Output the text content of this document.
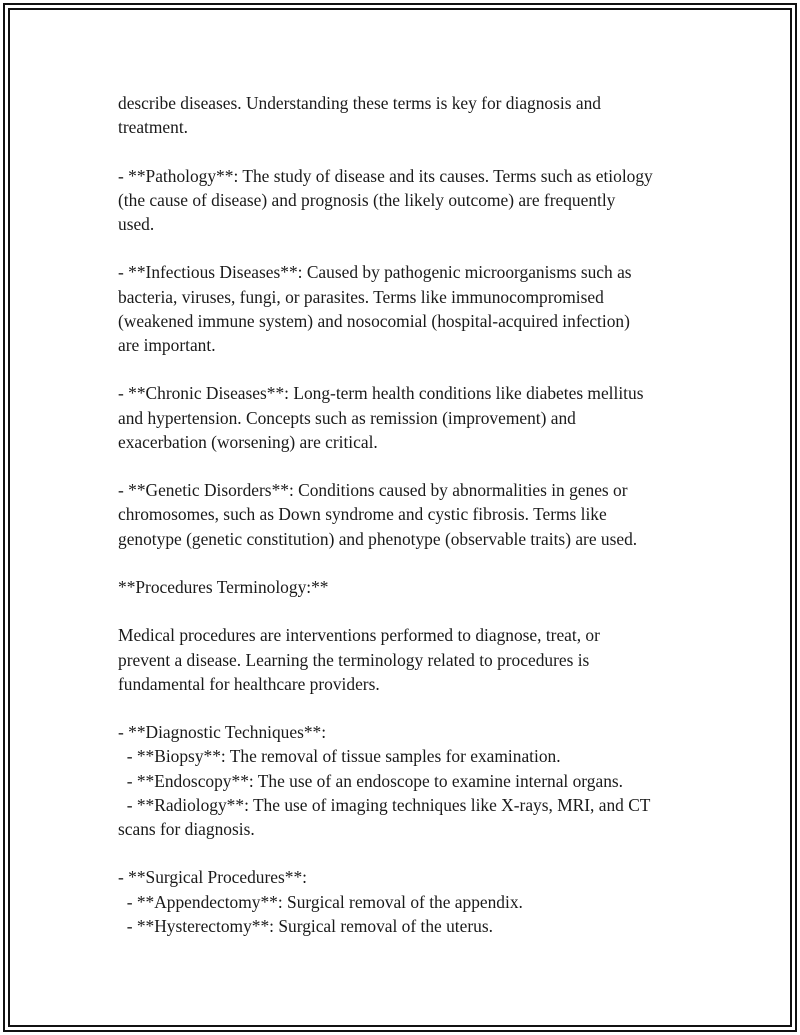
describe diseases. Understanding these terms is key for diagnosis and
treatment.

- **Pathology**: The study of disease and its causes. Terms such as etiology
(the cause of disease) and prognosis (the likely outcome) are frequently
used.

- **Infectious Diseases**: Caused by pathogenic microorganisms such as
bacteria, viruses, fungi, or parasites. Terms like immunocompromised
(weakened immune system) and nosocomial (hospital-acquired infection)
are important.

- **Chronic Diseases**: Long-term health conditions like diabetes mellitus
and hypertension. Concepts such as remission (improvement) and
exacerbation (worsening) are critical.

- **Genetic Disorders**: Conditions caused by abnormalities in genes or
chromosomes, such as Down syndrome and cystic fibrosis. Terms like
genotype (genetic constitution) and phenotype (observable traits) are used.

**Procedures Terminology:**

Medical procedures are interventions performed to diagnose, treat, or
prevent a disease. Learning the terminology related to procedures is
fundamental for healthcare providers.

- **Diagnostic Techniques**:
- **Biopsy**: The removal of tissue samples for examination.
- **Endoscopy**: The use of an endoscope to examine internal organs.
- **Radiology**: The use of imaging techniques like X-rays, MRI, and CT
scans for diagnosis.
- **Surgical Procedures**:
- **Appendectomy**: Surgical removal of the appendix.
- **Hysterectomy**: Surgical removal of the uterus.
